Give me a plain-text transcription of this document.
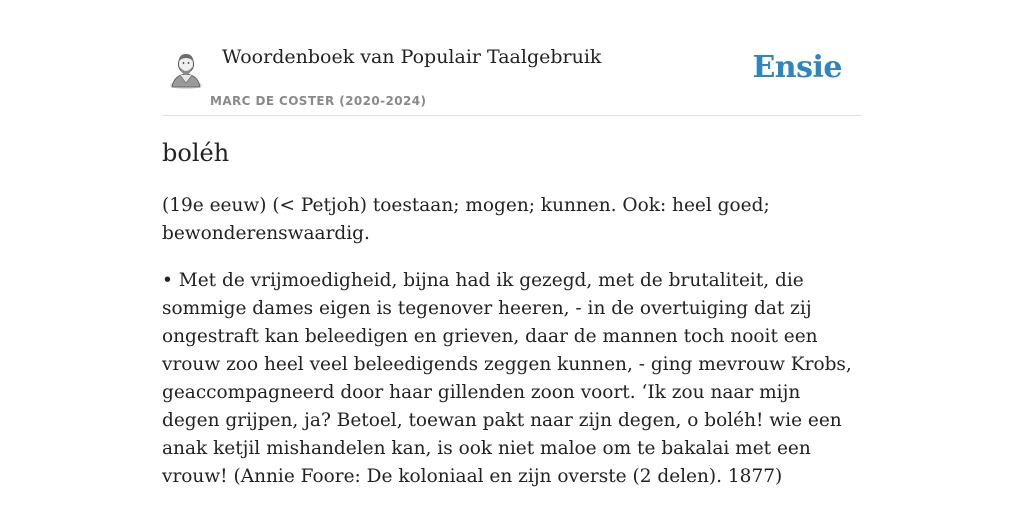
Woordenboek van Populair Taalgebruik
MARC DE COSTER (2020-2024)
Ensie
boléh
(19e eeuw) (< Petjoh) toestaan; mogen; kunnen. Ook: heel goed; bewonderenswaardig.
• Met de vrijmoedigheid, bijna had ik gezegd, met de brutaliteit, die sommige dames eigen is tegenover heeren, - in de overtuiging dat zij ongestraft kan beleedigen en grieven, daar de mannen toch nooit een vrouw zoo heel veel beleedigends zeggen kunnen, - ging mevrouw Krobs, geaccompagneerd door haar gillenden zoon voort. ‘Ik zou naar mijn degen grijpen, ja? Betoel, toewan pakt naar zijn degen, o boléh! wie een anak ketjil mishandelen kan, is ook niet maloe om te bakalai met een vrouw! (Annie Foore: De koloniaal en zijn overste (2 delen). 1877)
